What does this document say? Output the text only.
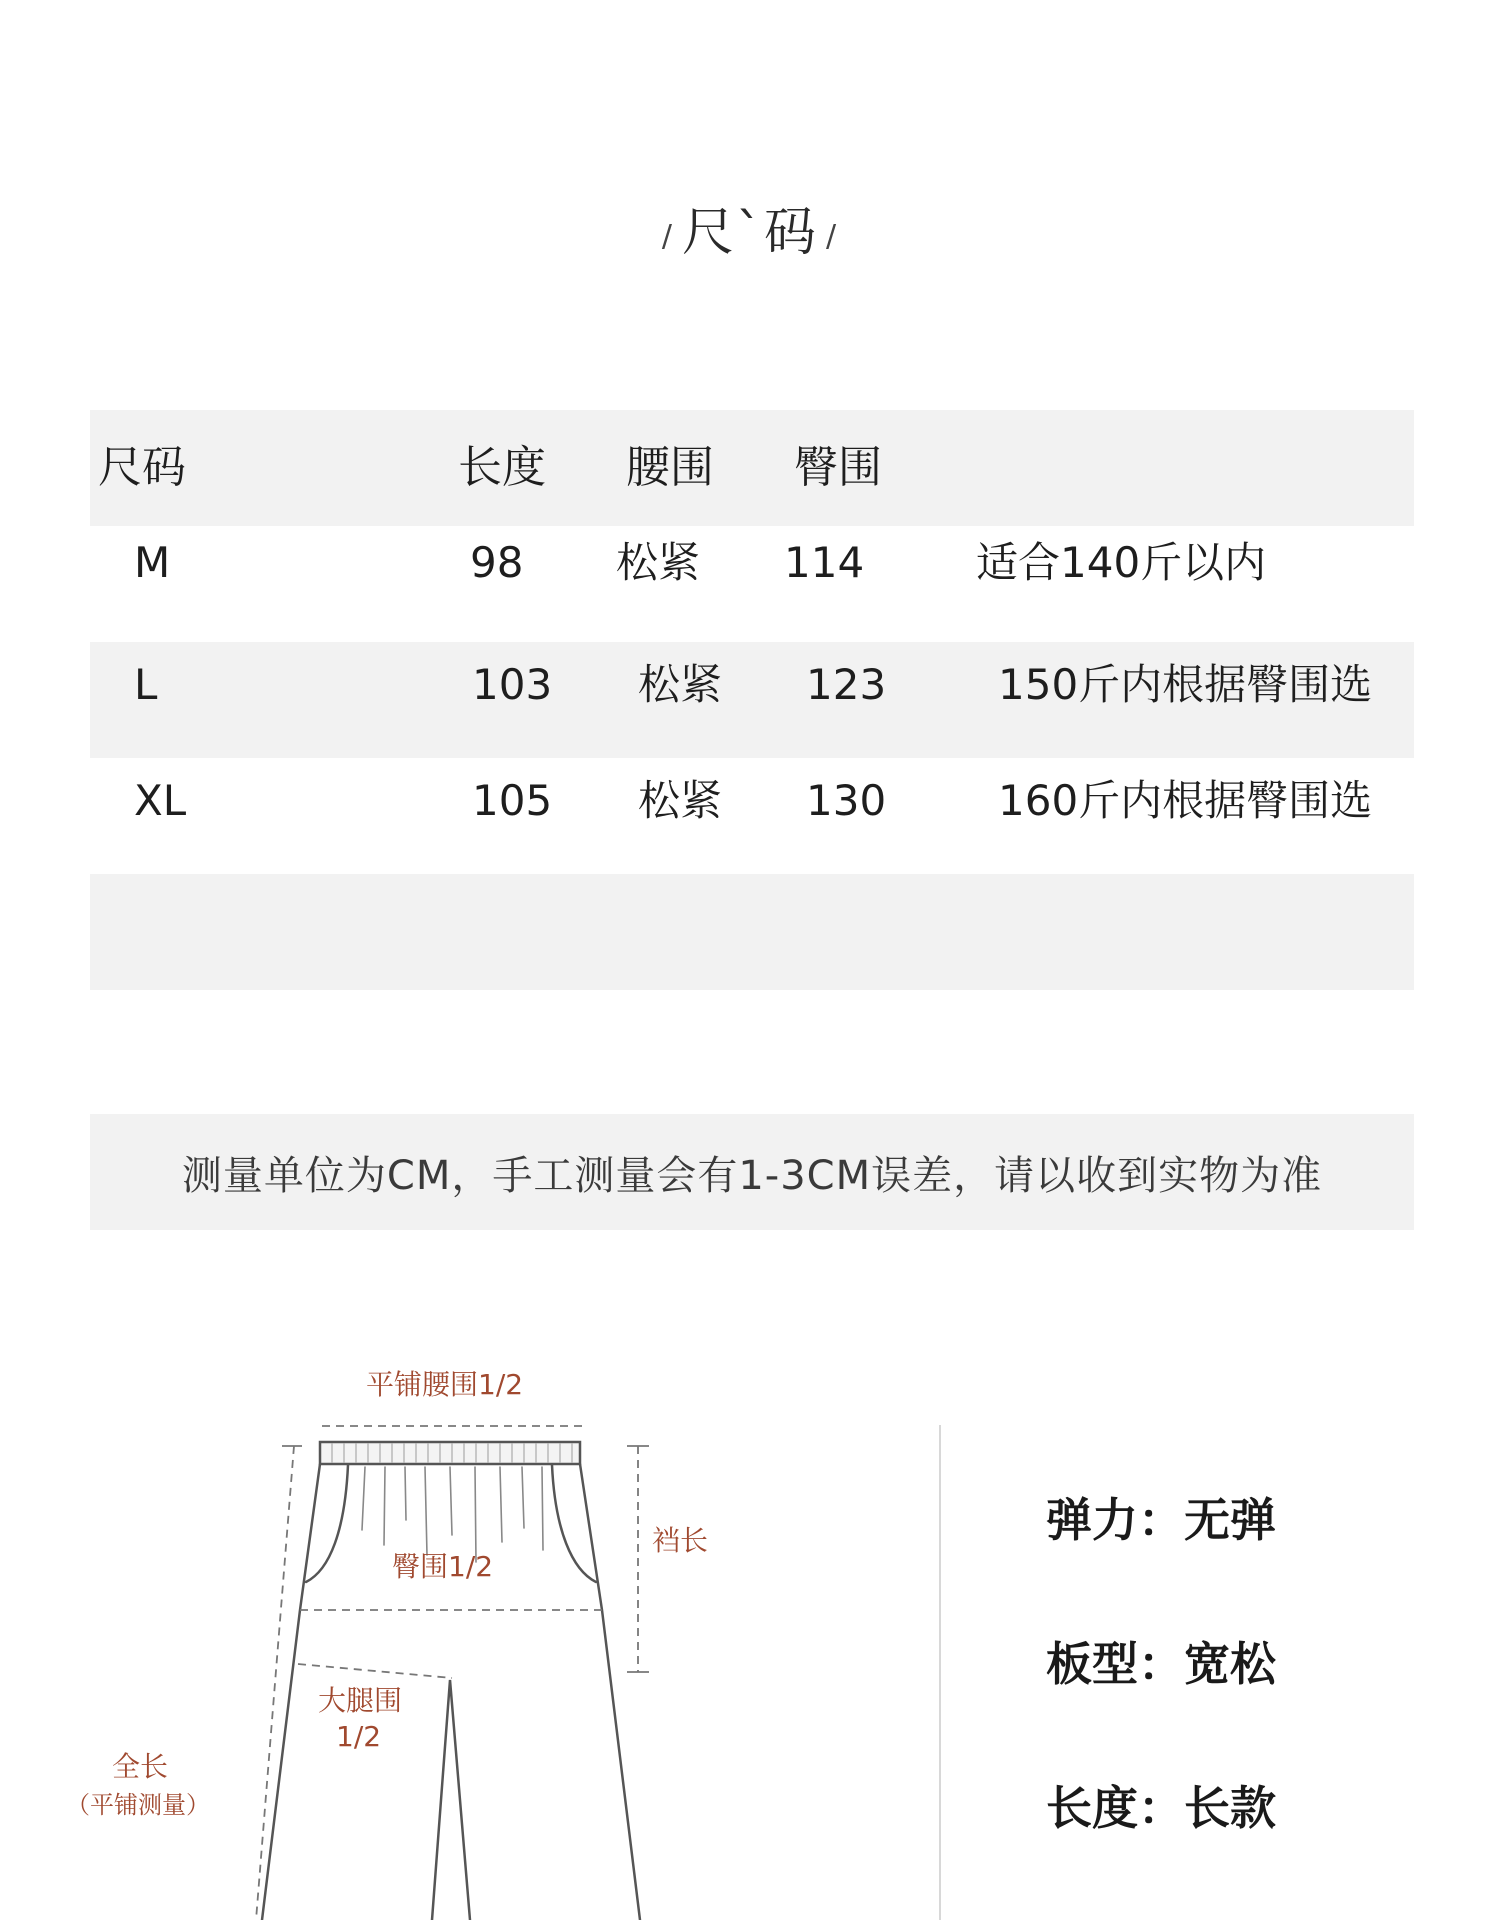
/ 尺`码 /
尺码	长度 腰围 臀围
M	98 松紧 114	适合140斤以内
L	103 松紧 123	150斤内根据臀围选
XL	105 松紧 130	160斤内根据臀围选
测量单位为CM，手工测量会有1-3CM误差，请以收到实物为准
平铺腰围1/2
臀围1/2
裆长
大腿围
1/2
全长
（平铺测量）
弹力：无弹
板型：宽松
长度：长款
